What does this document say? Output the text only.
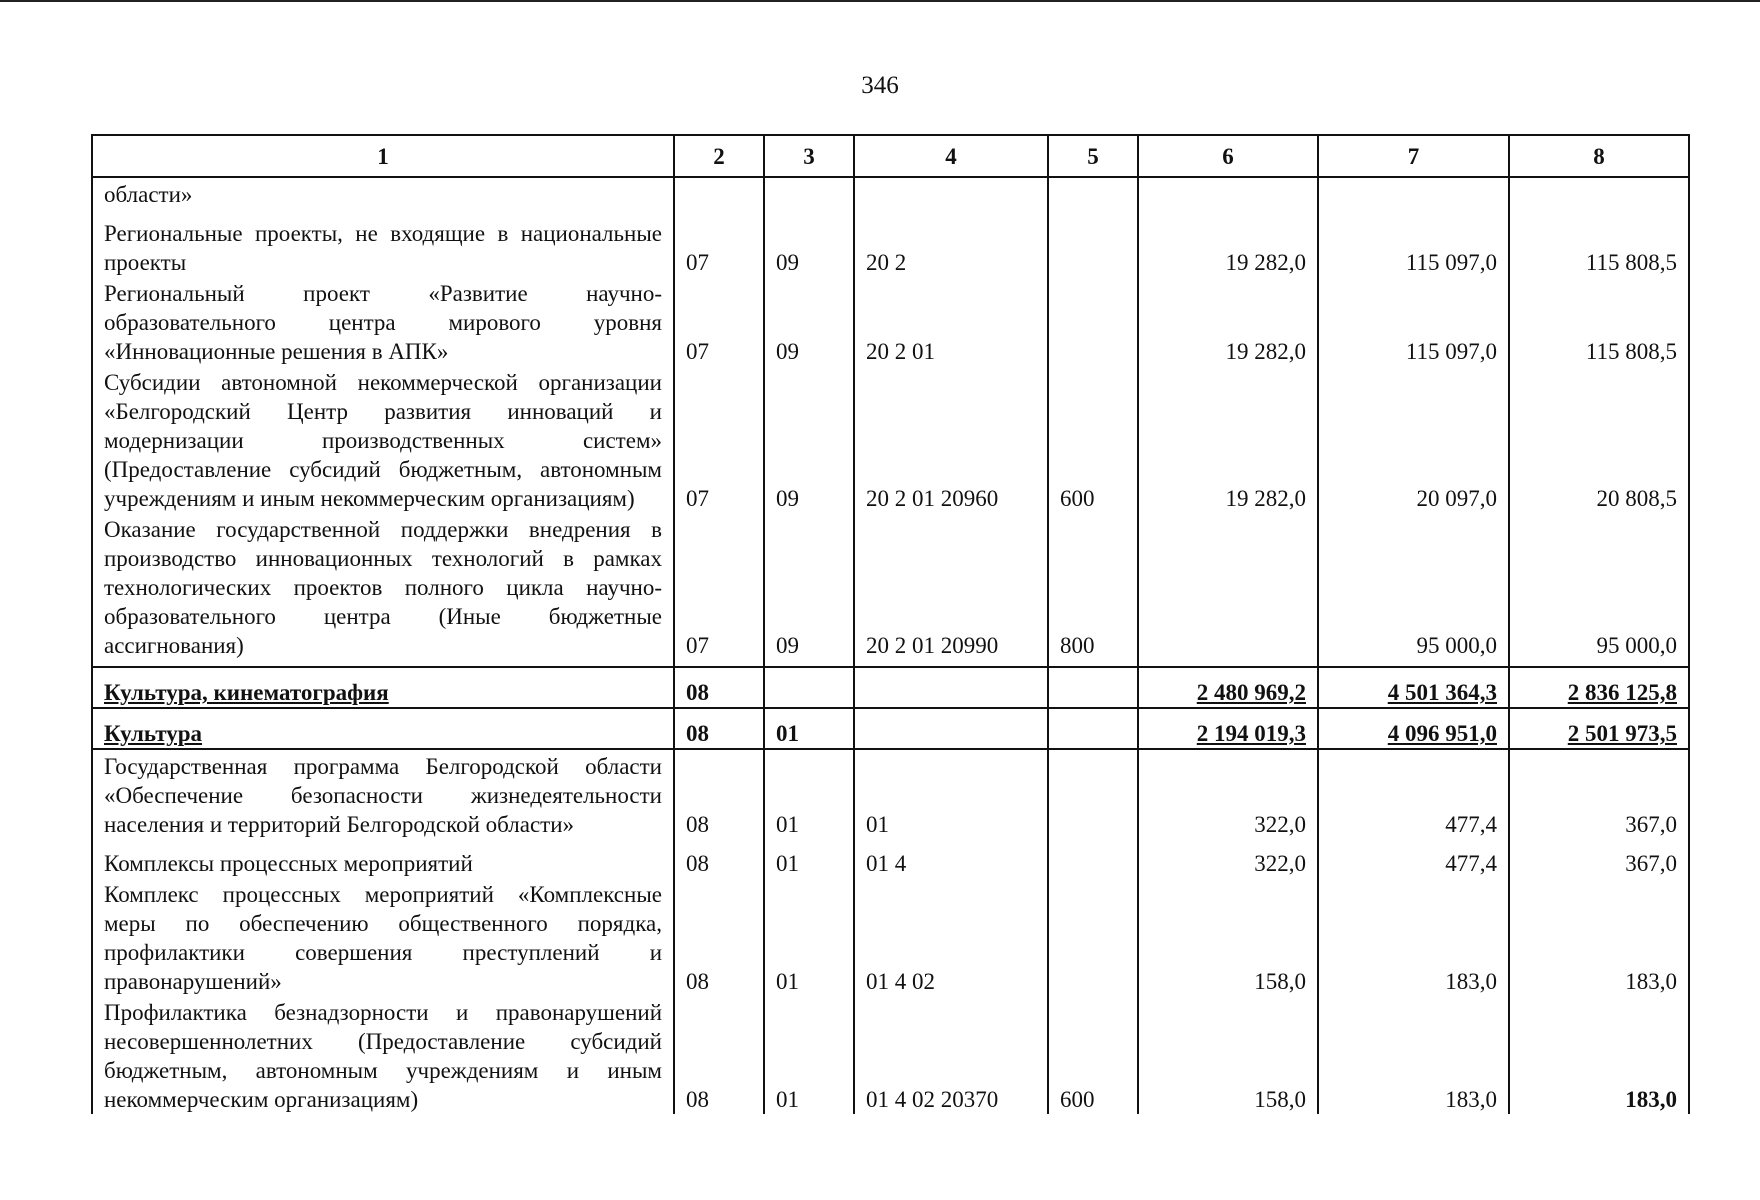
346
1	2	3	4	5	6	7	8
области»							
Региональные проекты, не входящие в национальные проекты	07	09	20 2		19 282,0	115 097,0	115 808,5
Региональный проект «Развитие научно-образовательного центра мирового уровня «Инновационные решения в АПК»	07	09	20 2 01		19 282,0	115 097,0	115 808,5
Субсидии автономной некоммерческой организации «Белгородский Центр развития инноваций и модернизации производственных систем» (Предоставление субсидий бюджетным, автономным учреждениям и иным некоммерческим организациям)	07	09	20 2 01 20960	600	19 282,0	20 097,0	20 808,5
Оказание государственной поддержки внедрения в производство инновационных технологий в рамках технологических проектов полного цикла научно-образовательного центра (Иные бюджетные ассигнования)	07	09	20 2 01 20990	800		95 000,0	95 000,0
Культура, кинематография	08				2 480 969,2	4 501 364,3	2 836 125,8
Культура	08	01			2 194 019,3	4 096 951,0	2 501 973,5
Государственная программа Белгородской области «Обеспечение безопасности жизнедеятельности населения и территорий Белгородской области»	08	01	01		322,0	477,4	367,0
Комплексы процессных мероприятий	08	01	01 4		322,0	477,4	367,0
Комплекс процессных мероприятий «Комплексные меры по обеспечению общественного порядка, профилактики совершения преступлений и правонарушений»	08	01	01 4 02		158,0	183,0	183,0
Профилактика безнадзорности и правонарушений несовершеннолетних (Предоставление субсидий бюджетным, автономным учреждениям и иным некоммерческим организациям)	08	01	01 4 02 20370	600	158,0	183,0	183,0
